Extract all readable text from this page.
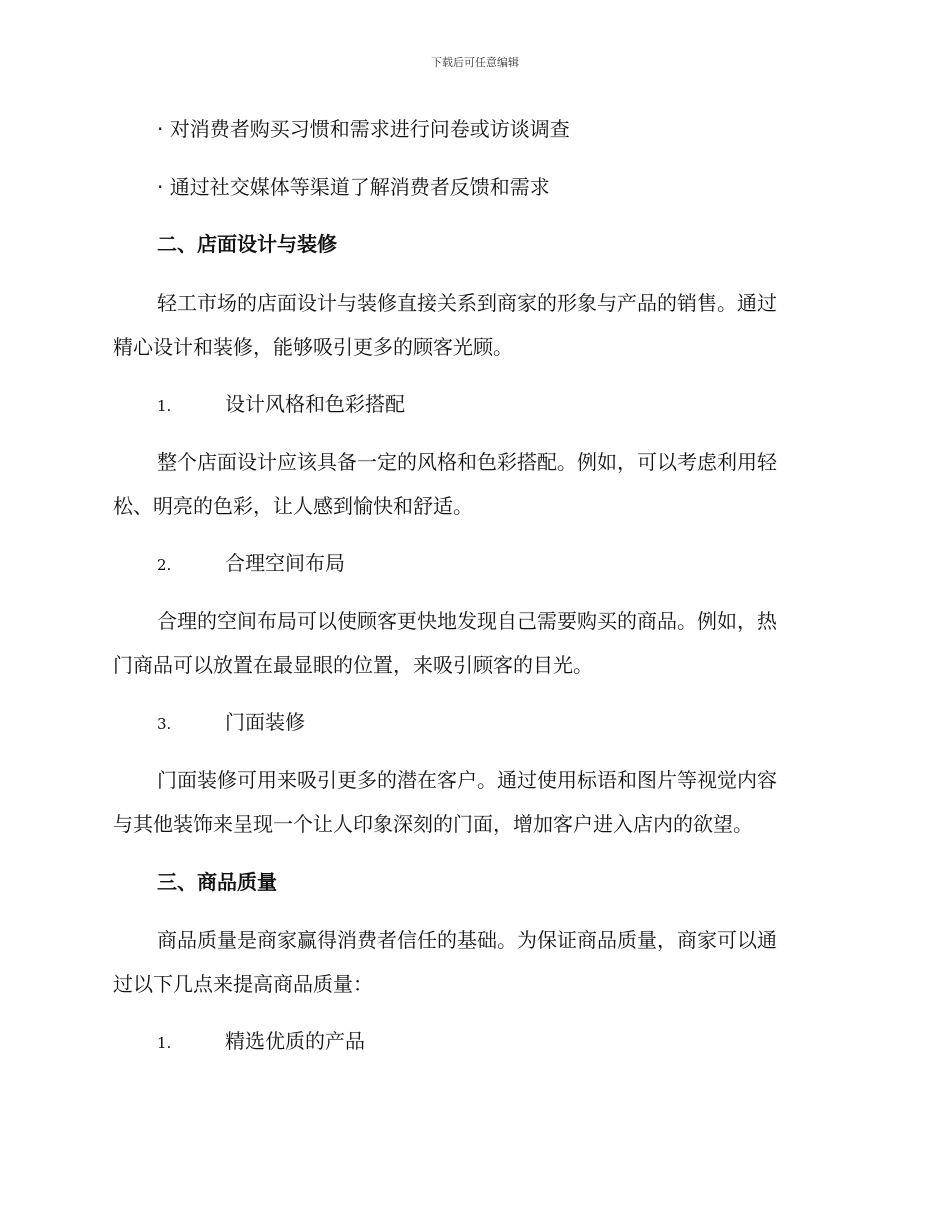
下载后可任意编辑
· 对消费者购买习惯和需求进行问卷或访谈调查
· 通过社交媒体等渠道了解消费者反馈和需求
二、店面设计与装修
轻工市场的店面设计与装修直接关系到商家的形象与产品的销售。通过
精心设计和装修，能够吸引更多的顾客光顾。
1.	设计风格和色彩搭配
整个店面设计应该具备一定的风格和色彩搭配。例如，可以考虑利用轻
松、明亮的色彩，让人感到愉快和舒适。
2.	合理空间布局
合理的空间布局可以使顾客更快地发现自己需要购买的商品。例如，热
门商品可以放置在最显眼的位置，来吸引顾客的目光。
3.	门面装修
门面装修可用来吸引更多的潜在客户。通过使用标语和图片等视觉内容
与其他装饰来呈现一个让人印象深刻的门面，增加客户进入店内的欲望。
三、商品质量
商品质量是商家赢得消费者信任的基础。为保证商品质量，商家可以通
过以下几点来提高商品质量：
1.	精选优质的产品
